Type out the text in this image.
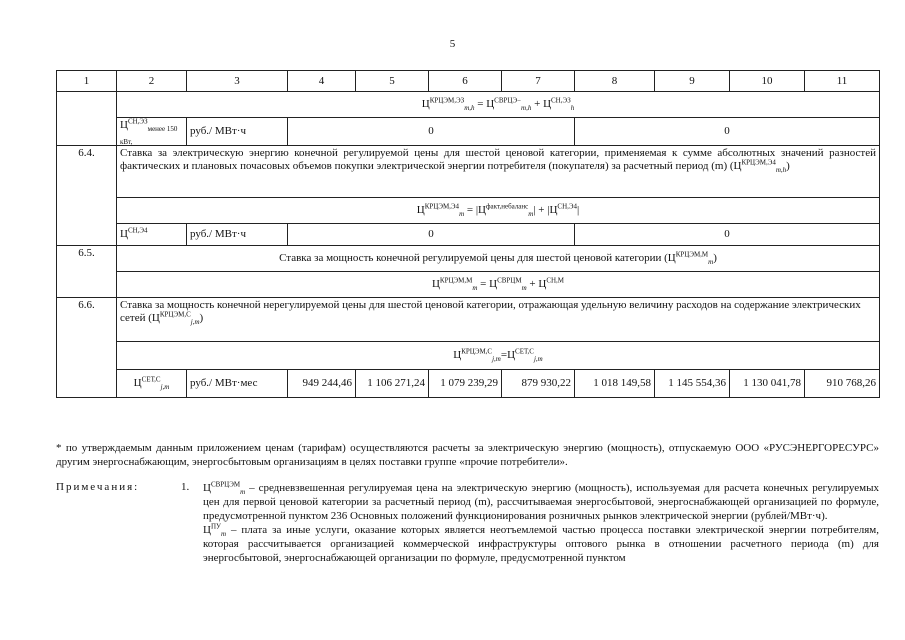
5
1	2	3	4	5	6	7	8	9	10	11
	$Ц^{КРЦЭМ,ЭЗ}_{m,h} = Ц^{СВРЦЭ-}_{m,h} + Ц^{СН,ЭЗ}_h$
	$Ц^{СН,ЭЗ}_{менее 150 кВт,}$	руб./ МВт·ч	0				0			
6.4.	Ставка за электрическую энергию конечной регулируемой цены для шестой ценовой категории, применяемая к сумме абсолютных значений разностей фактических и плановых почасовых объемов покупки электрической энергии потребителя (покупателя) за расчетный период (m) $(Ц^{КРЦЭМ,Э4}_{m,h})$									
	$Ц^{КРЦЭМ,Э4}_m = |Ц^{факт,небаланс}_m| + |Ц^{СН,Э4}|$									
	$Ц^{СН,Э4}$	руб./ МВт·ч	0				0			
6.5.	Ставка за мощность конечной регулируемой цены для шестой ценовой категории $(Ц^{КРЦЭМ,М}_m)$									
	$Ц^{КРЦЭМ,М}_m = Ц^{СВРЦМ}_m + Ц^{СН,М}$
6.6.	Ставка за мощность конечной нерегулируемой цены для шестой ценовой категории, отражающая удельную величину расходов на содержание электрических сетей $(Ц^{КРЦЭМ,С}_{j,m})$									
	$Ц^{КРЦЭМ,С}_{j,m}=Ц^{СЕТ,С}_{j,m}$
	$Ц^{СЕТ,С}_{j,m}$	руб./ МВт·мес	949 244,46	1 106 271,24	1 079 239,29	879 930,22	1 018 149,58	1 145 554,36	1 130 041,78	910 768,26
* по утверждаемым данным приложением ценам (тарифам) осуществляются расчеты за электрическую энергию (мощность), отпускаемую ООО «РУСЭНЕРГОРЕСУРС» другим энергоснабжающим, энергосбытовым организациям в целях поставки группе «прочие потребители».
Примечания:	1. $Ц^{СВРЦЭМ}_m$ – средневзвешенная регулируемая цена на электрическую энергию (мощность), используемая для расчета конечных регулируемых цен для первой ценовой категории за расчетный период (m), рассчитываемая энергосбытовой, энергоснабжающей организацией по формуле, предусмотренной пунктом 236 Основных положений функционирования розничных рынков электрической энергии (рублей/МВт·ч).

$Ц^{ПУ}_m$ – плата за иные услуги, оказание которых является неотъемлемой частью процесса поставки электрической энергии потребителям, которая рассчитывается организацией коммерческой инфраструктуры оптового рынка в отношении расчетного периода (m) для энергосбытовой, энергоснабжающей организации по формуле, предусмотренной пунктом
